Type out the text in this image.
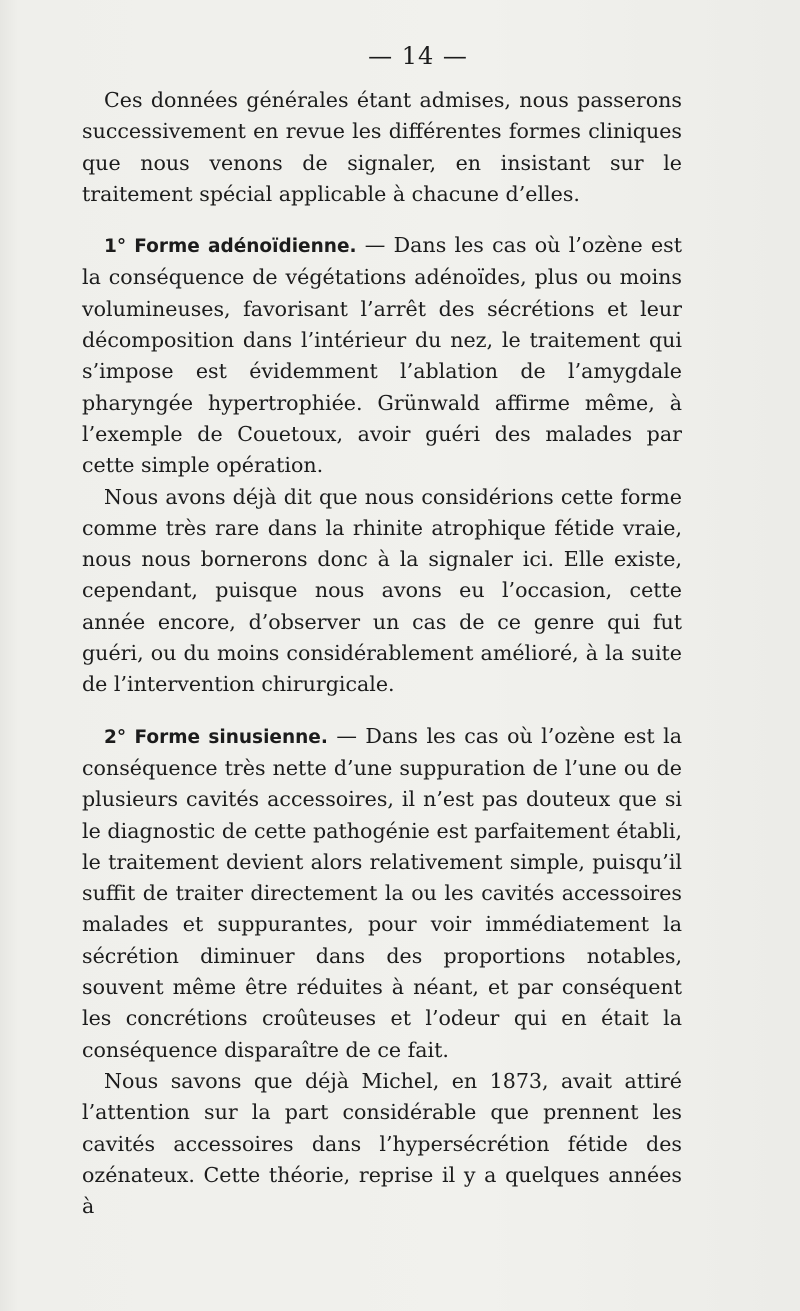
— 14 —

Ces données générales étant admises, nous passerons successivement en revue les différentes formes cliniques que nous venons de signaler, en insistant sur le traitement spécial applicable à chacune d’elles.

1° Forme adénoïdienne. — Dans les cas où l’ozène est la conséquence de végétations adénoïdes, plus ou moins volumineuses, favorisant l’arrêt des sécrétions et leur décomposition dans l’intérieur du nez, le traitement qui s’impose est évidemment l’ablation de l’amygdale pharyngée hypertrophiée. Grünwald affirme même, à l’exemple de Couetoux, avoir guéri des malades par cette simple opération.

Nous avons déjà dit que nous considérions cette forme comme très rare dans la rhinite atrophique fétide vraie, nous nous bornerons donc à la signaler ici. Elle existe, cependant, puisque nous avons eu l’occasion, cette année encore, d’observer un cas de ce genre qui fut guéri, ou du moins considérablement amélioré, à la suite de l’intervention chirurgicale.

2° Forme sinusienne. — Dans les cas où l’ozène est la conséquence très nette d’une suppuration de l’une ou de plusieurs cavités accessoires, il n’est pas douteux que si le diagnostic de cette pathogénie est parfaitement établi, le traitement devient alors relativement simple, puisqu’il suffit de traiter directement la ou les cavités accessoires malades et suppurantes, pour voir immédiatement la sécrétion diminuer dans des proportions notables, souvent même être réduites à néant, et par conséquent les concrétions croûteuses et l’odeur qui en était la conséquence disparaître de ce fait.

Nous savons que déjà Michel, en 1873, avait attiré l’attention sur la part considérable que prennent les cavités accessoires dans l’hypersécrétion fétide des ozénateux. Cette théorie, reprise il y a quelques années à
